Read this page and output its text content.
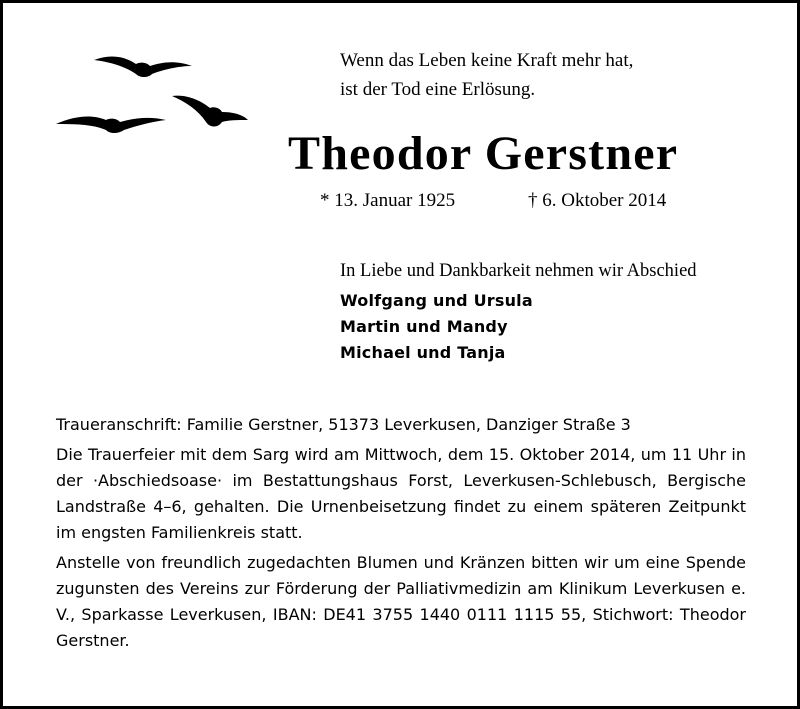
Wenn das Leben keine Kraft mehr hat,
ist der Tod eine Erlösung.
Theodor Gerstner
* 13. Januar 1925	† 6. Oktober 2014
In Liebe und Dankbarkeit nehmen wir Abschied
Wolfgang und Ursula
Martin und Mandy
Michael und Tanja

Traueranschrift: Familie Gerstner, 51373 Leverkusen, Danziger Straße 3

Die Trauerfeier mit dem Sarg wird am Mittwoch, dem 15. Oktober 2014, um 11 Uhr in der ·Abschiedsoase· im Bestattungshaus Forst, Leverkusen-Schlebusch, Bergische Landstraße 4–6, gehalten. Die Urnenbeisetzung findet zu einem späteren Zeitpunkt im engsten Familienkreis statt.

Anstelle von freundlich zugedachten Blumen und Kränzen bitten wir um eine Spende zugunsten des Vereins zur Förderung der Palliativmedizin am Klinikum Leverkusen e. V., Sparkasse Leverkusen, IBAN: DE41 3755 1440 0111 1115 55, Stichwort: Theodor Gerstner.
